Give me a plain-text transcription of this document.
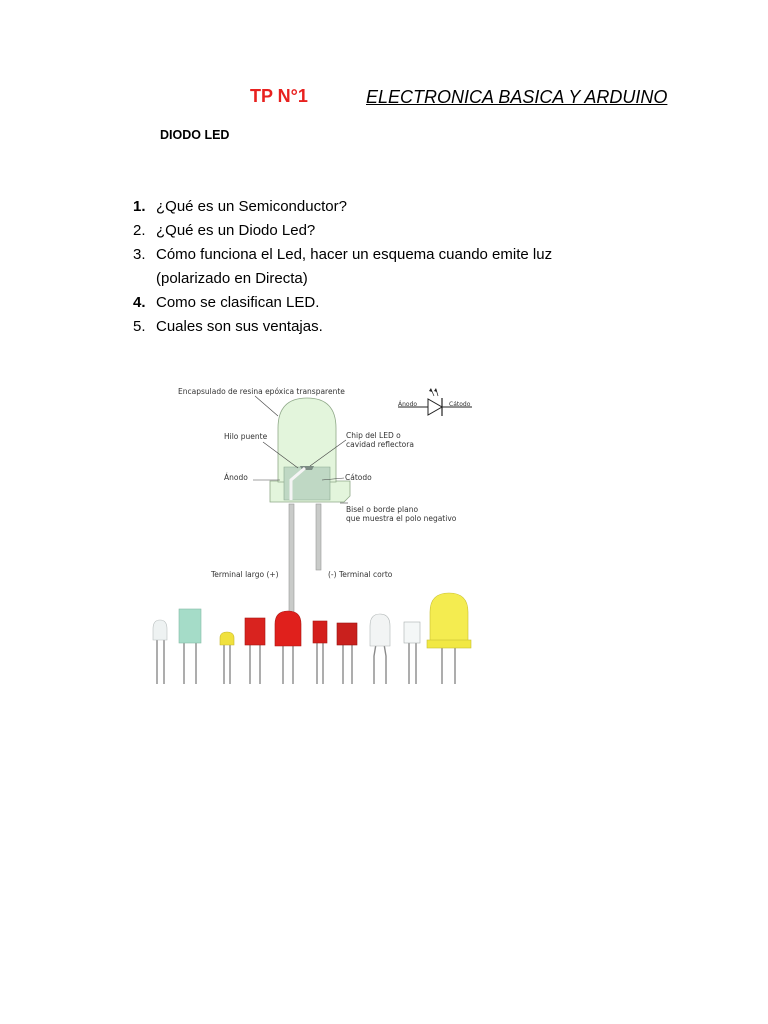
TP N°1	ELECTRONICA BASICA Y ARDUINO
DIODO LED
1. ¿Qué es un Semiconductor?
2. ¿Qué es un Diodo Led?
3. Cómo funciona el Led, hacer un esquema cuando emite luz (polarizado en Directa)
4. Como se clasifican LED.
5. Cuales son sus ventajas.
Encapsulado de resina epóxica transparente
Hilo puente	Chip del LED o
cavidad reflectora
Ánodo	Cátodo
Bisel o borde plano
que muestra el polo negativo
Terminal largo (+)	(-) Terminal corto
Ánodo	Cátodo
